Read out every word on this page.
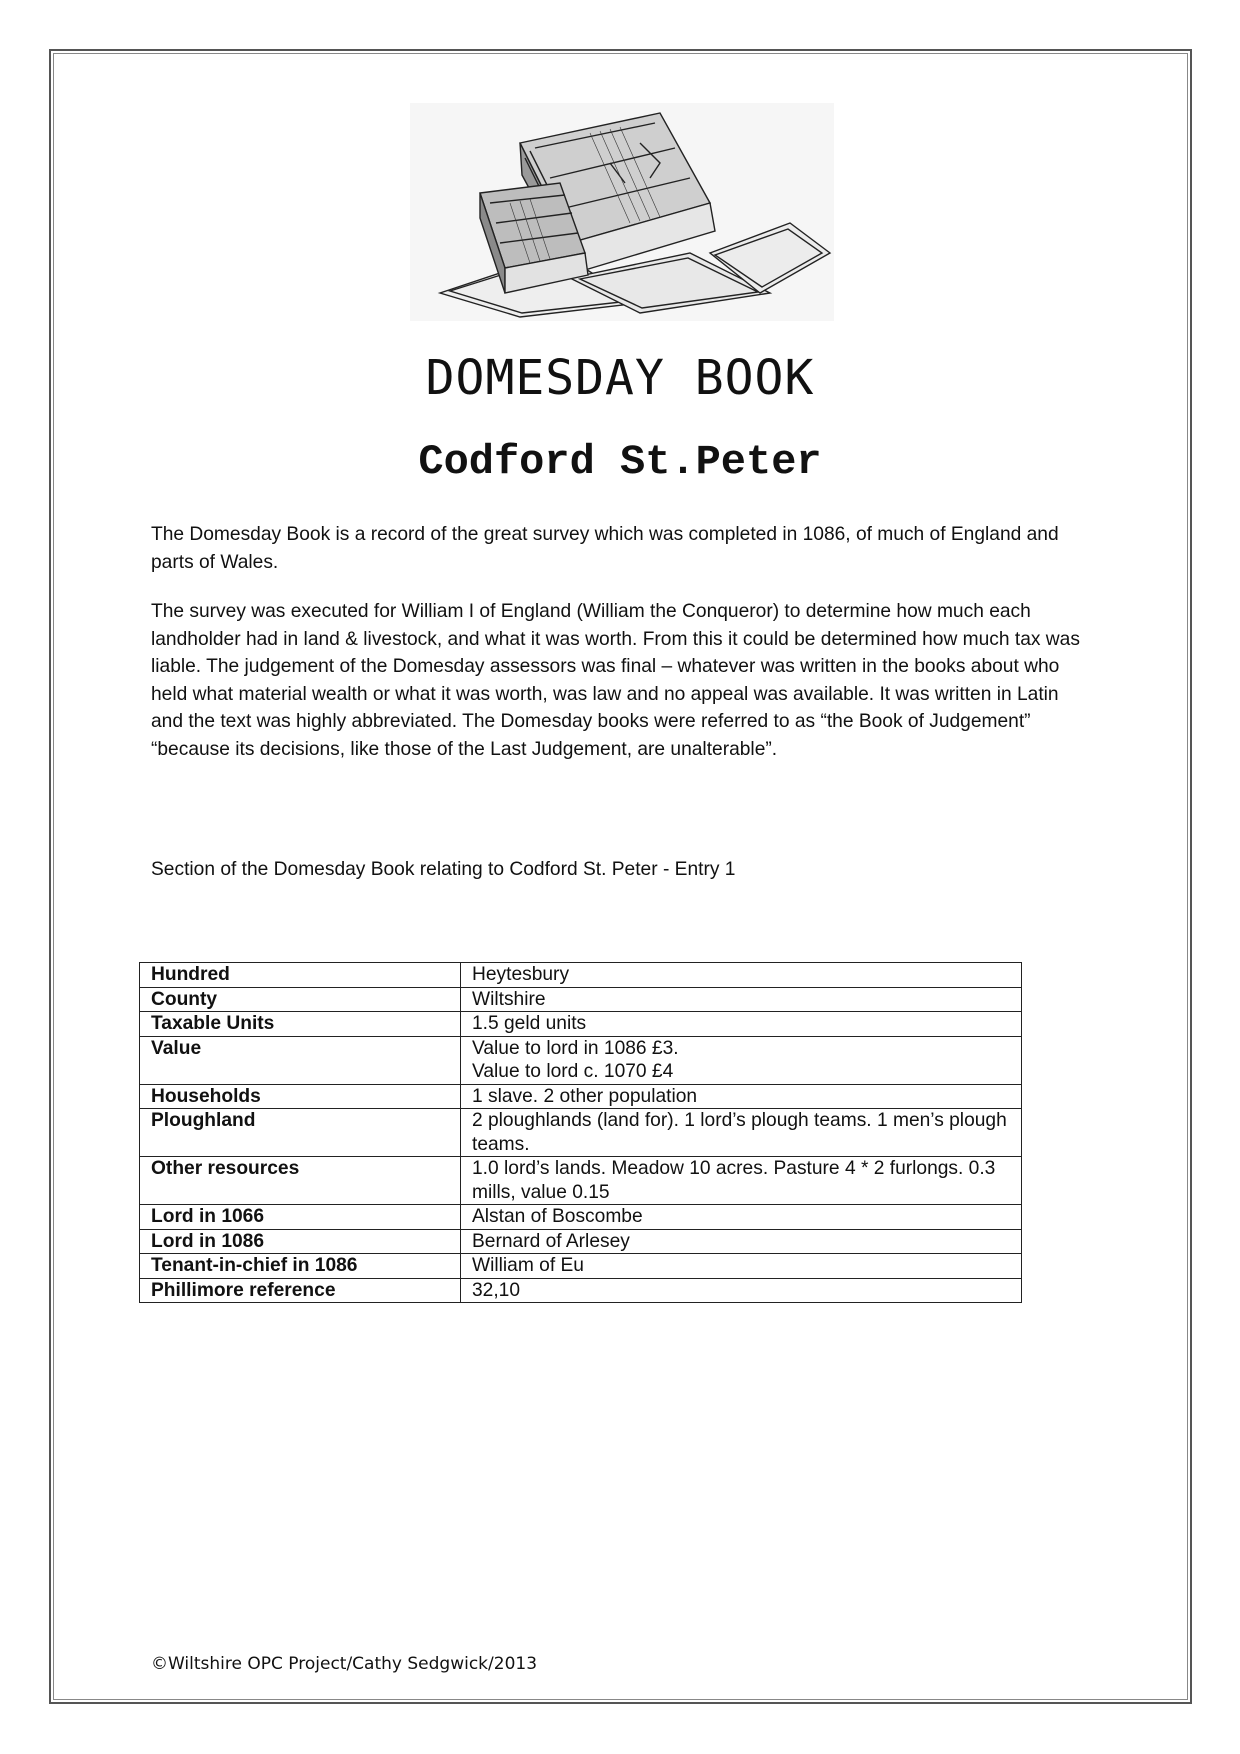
DOMESDAY BOOK
Codford St.Peter

The Domesday Book is a record of the great survey which was completed in 1086, of much of England and parts of Wales.

The survey was executed for William I of England (William the Conqueror) to determine how much each landholder had in land & livestock, and what it was worth. From this it could be determined how much tax was liable. The judgement of the Domesday assessors was final – whatever was written in the books about who held what material wealth or what it was worth, was law and no appeal was available. It was written in Latin and the text was highly abbreviated. The Domesday books were referred to as “the Book of Judgement” “because its decisions, like those of the Last Judgement, are unalterable”.

Section of the Domesday Book relating to Codford St. Peter - Entry 1
Hundred	Heytesbury
County	Wiltshire
Taxable Units	1.5 geld units
Value	Value to lord in 1086 £3.
Value to lord c. 1070 £4

Households	1 slave. 2 other population
Ploughland	2 ploughlands (land for). 1 lord’s plough teams. 1 men’s plough teams.
Other resources	1.0 lord’s lands. Meadow 10 acres. Pasture 4 * 2 furlongs. 0.3 mills, value 0.15
Lord in 1066	Alstan of Boscombe
Lord in 1086	Bernard of Arlesey
Tenant-in-chief in 1086	William of Eu
Phillimore reference	32,10
©Wiltshire OPC Project/Cathy Sedgwick/2013
